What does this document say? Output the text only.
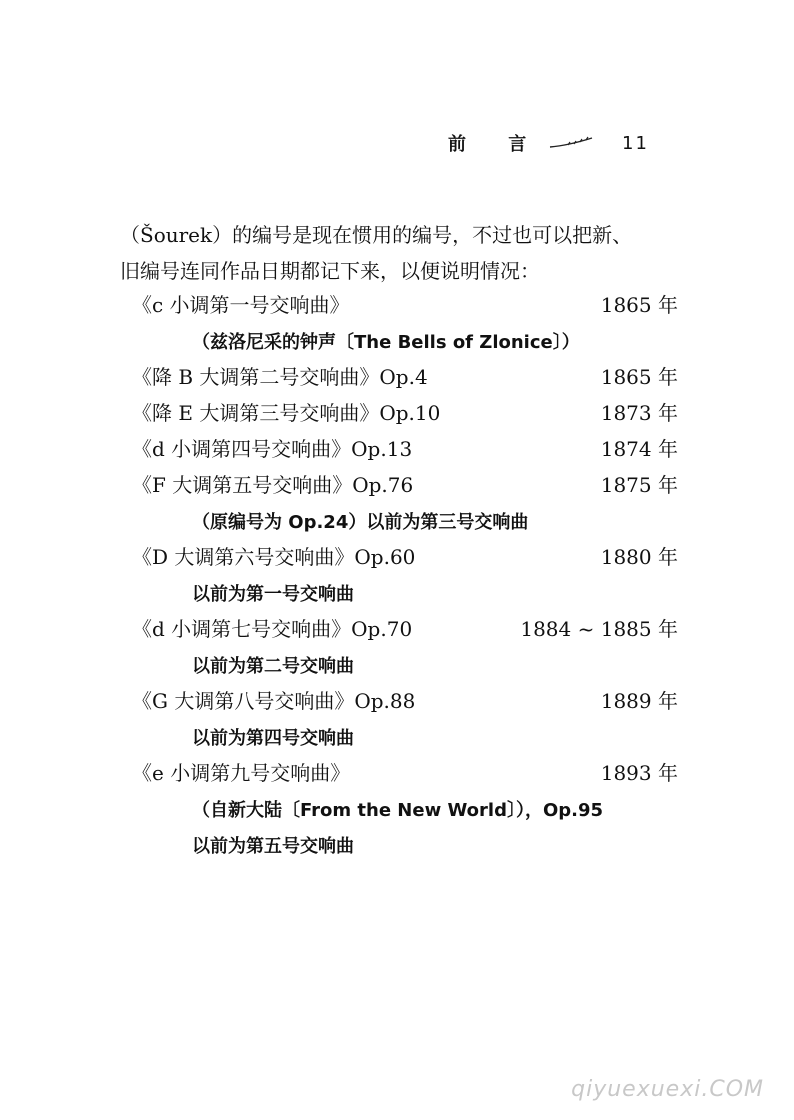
前 言	11
（Šourek）的编号是现在惯用的编号，不过也可以把新、
旧编号连同作品日期都记下来，以便说明情况：
《c 小调第一号交响曲》	1865 年
（兹洛尼采的钟声〔The Bells of Zlonice〕）
《降 B 大调第二号交响曲》Op.4	1865 年
《降 E 大调第三号交响曲》Op.10	1873 年
《d 小调第四号交响曲》Op.13	1874 年
《F 大调第五号交响曲》Op.76	1875 年
（原编号为 Op.24）以前为第三号交响曲
《D 大调第六号交响曲》Op.60	1880 年
以前为第一号交响曲
《d 小调第七号交响曲》Op.70	1884 ~ 1885 年
以前为第二号交响曲
《G 大调第八号交响曲》Op.88	1889 年
以前为第四号交响曲
《e 小调第九号交响曲》	1893 年
（自新大陆〔From the New World〕），Op.95
以前为第五号交响曲
qiyuexuexi.COM
